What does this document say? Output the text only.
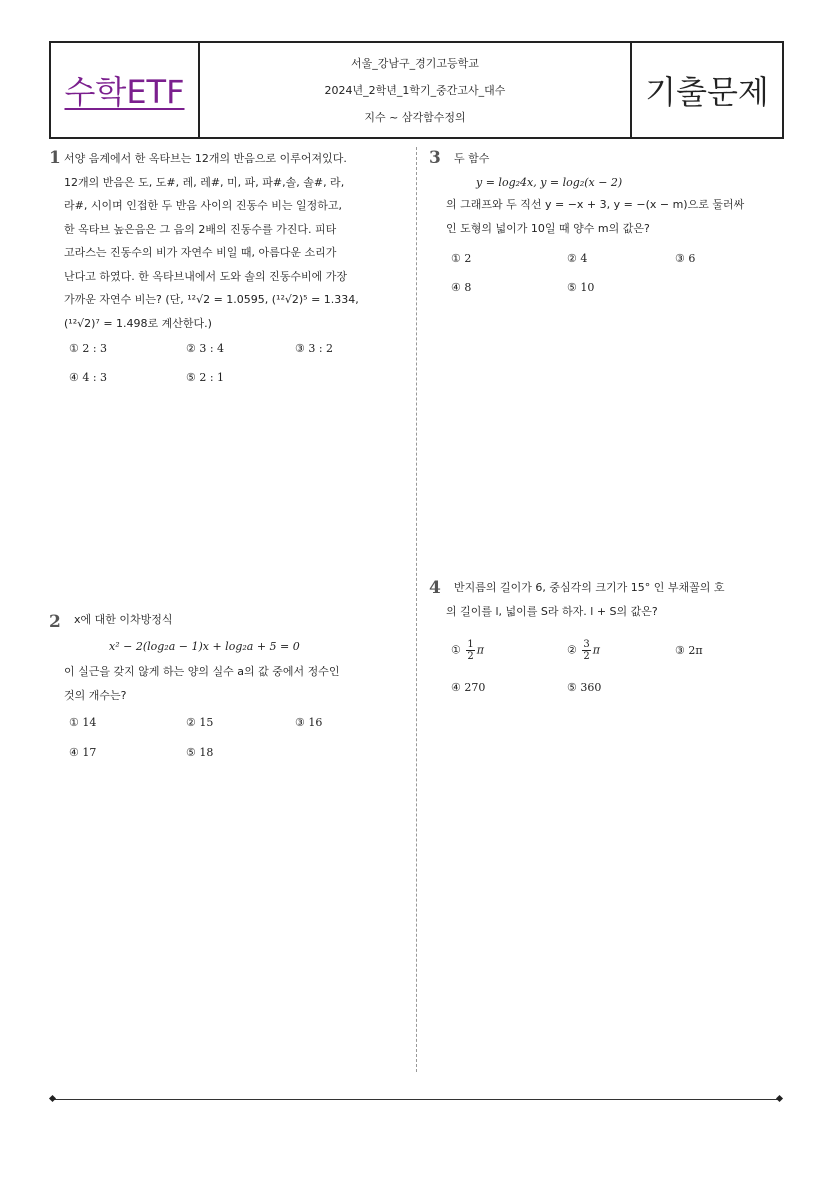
수학ETF
서울_강남구_경기고등학교
2024년_2학년_1학기_중간고사_대수
지수 ~ 삼각함수정의
기출문제
1 서양 음계에서 한 옥타브는 12개의 반음으로 이루어져있다.
12개의 반음은 도, 도#, 레, 레#, 미, 파, 파#,솔, 솔#, 라,
라#, 시이며 인접한 두 반음 사이의 진동수 비는 일정하고,
한 옥타브 높은음은 그 음의 2배의 진동수를 가진다. 피타
고라스는 진동수의 비가 자연수 비일 때, 아름다운 소리가
난다고 하였다. 한 옥타브내에서 도와 솔의 진동수비에 가장
가까운 자연수 비는? (단, ¹²√2 = 1.0595, (¹²√2)⁵ = 1.334,
(¹²√2)⁷ = 1.498로 계산한다.)
① 2 : 3	② 3 : 4	③ 3 : 2
④ 4 : 3	⑤ 2 : 1
2 x에 대한 이차방정식
x² − 2(log₂a − 1)x + log₂a + 5 = 0
이 실근을 갖지 않게 하는 양의 실수 a의 값 중에서 정수인
것의 개수는?
① 14	② 15	③ 16
④ 17	⑤ 18
3 두 함수
y = log₂4x, y = log₂(x − 2)
의 그래프와 두 직선 y = −x + 3, y = −(x − m)으로 둘러싸
인 도형의 넓이가 10일 때 양수 m의 값은?
① 2	② 4	③ 6
④ 8	⑤ 10
4 반지름의 길이가 6, 중심각의 크기가 15° 인 부채꼴의 호
의 길이를 l, 넓이를 S라 하자. l + S의 값은?
① $\frac{1}{2}$ π	② $\frac{3}{2}$ π	③ 2π
④ 270	⑤ 360
